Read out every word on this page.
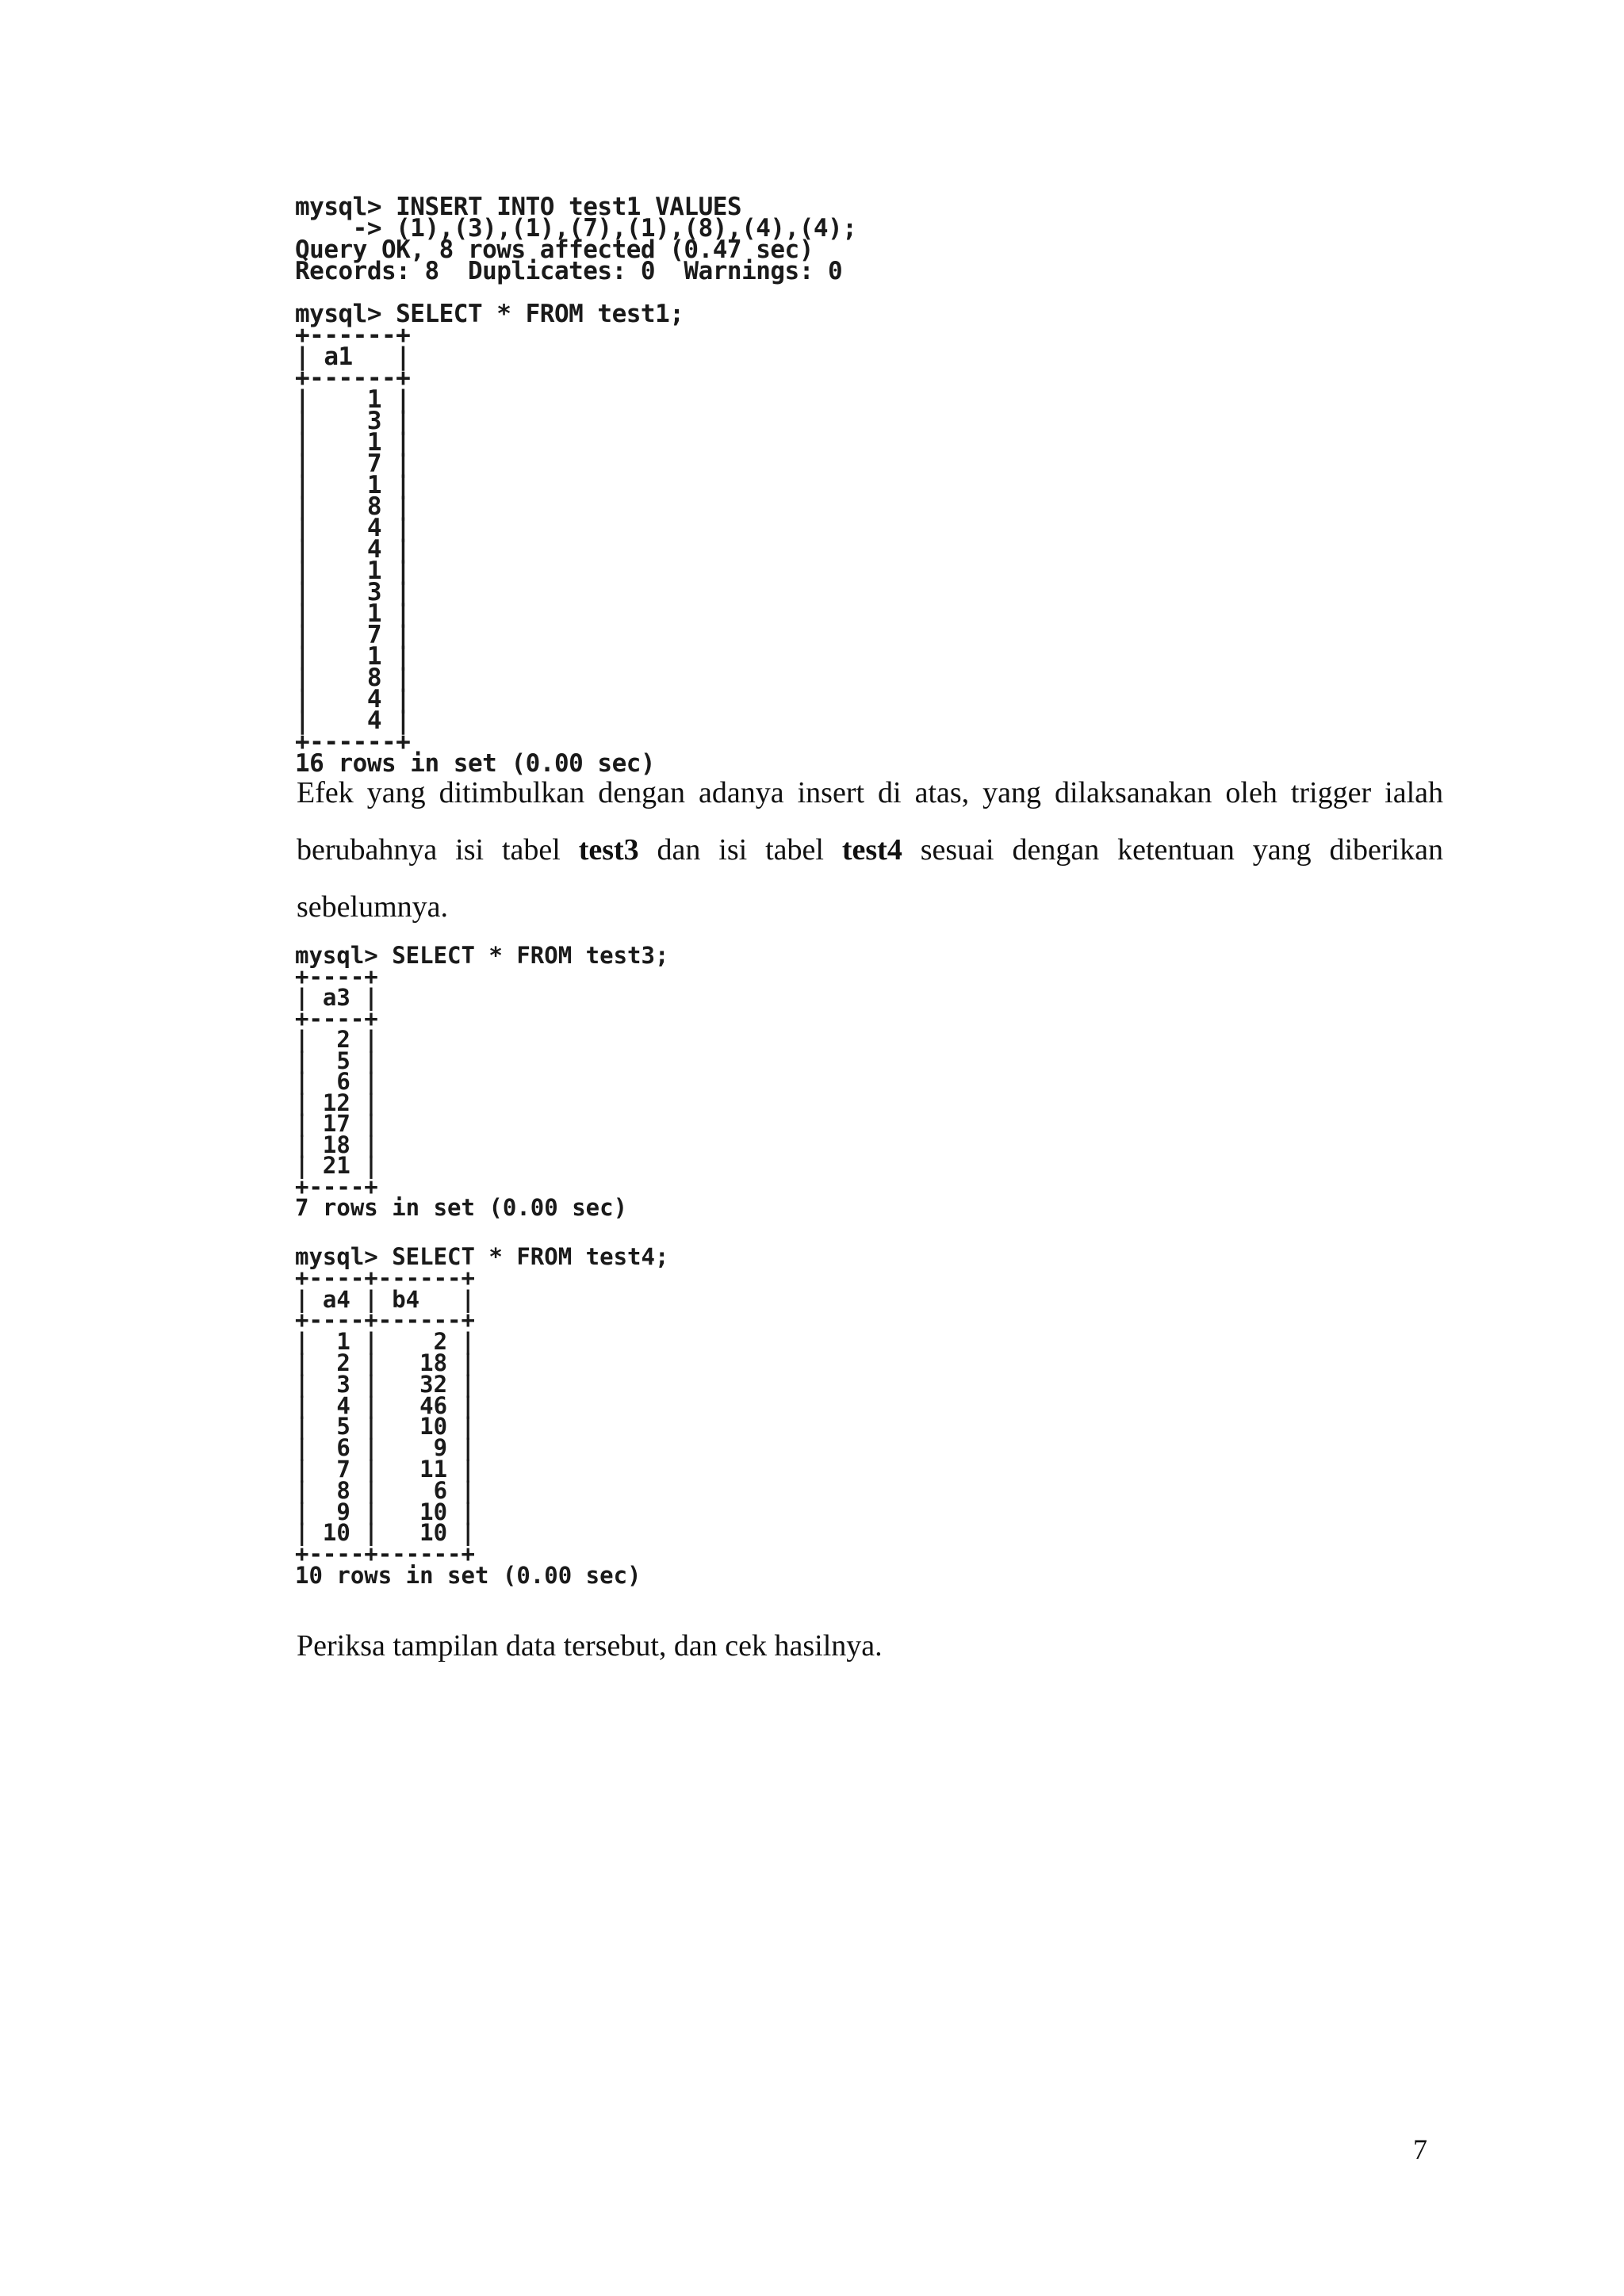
mysql> INSERT INTO test1 VALUES
-> (1),(3),(1),(7),(1),(8),(4),(4);
Query OK, 8 rows affected (0.47 sec)
Records: 8  Duplicates: 0  Warnings: 0

mysql> SELECT * FROM test1;
+------+
| a1   |
+------+
|    1 |
|    3 |
|    1 |
|    7 |
|    1 |
|    8 |
|    4 |
|    4 |
|    1 |
|    3 |
|    1 |
|    7 |
|    1 |
|    8 |
|    4 |
|    4 |
+------+
16 rows in set (0.00 sec)

Efek yang ditimbulkan dengan adanya insert di atas, yang dilaksanakan oleh trigger ialah berubahnya isi tabel test3 dan isi tabel test4 sesuai dengan ketentuan yang diberikan sebelumnya.

mysql> SELECT * FROM test3;
+----+
| a3 |
+----+
|  2 |
|  5 |
|  6 |
| 12 |
| 17 |
| 18 |
| 21 |
+----+
7 rows in set (0.00 sec)
mysql> SELECT * FROM test4;
+----+------+
| a4 | b4   |
+----+------+
|  1 |    2 |
|  2 |   18 |
|  3 |   32 |
|  4 |   46 |
|  5 |   10 |
|  6 |    9 |
|  7 |   11 |
|  8 |    6 |
|  9 |   10 |
| 10 |   10 |
+----+------+
10 rows in set (0.00 sec)

Periksa tampilan data tersebut, dan cek hasilnya.

7
